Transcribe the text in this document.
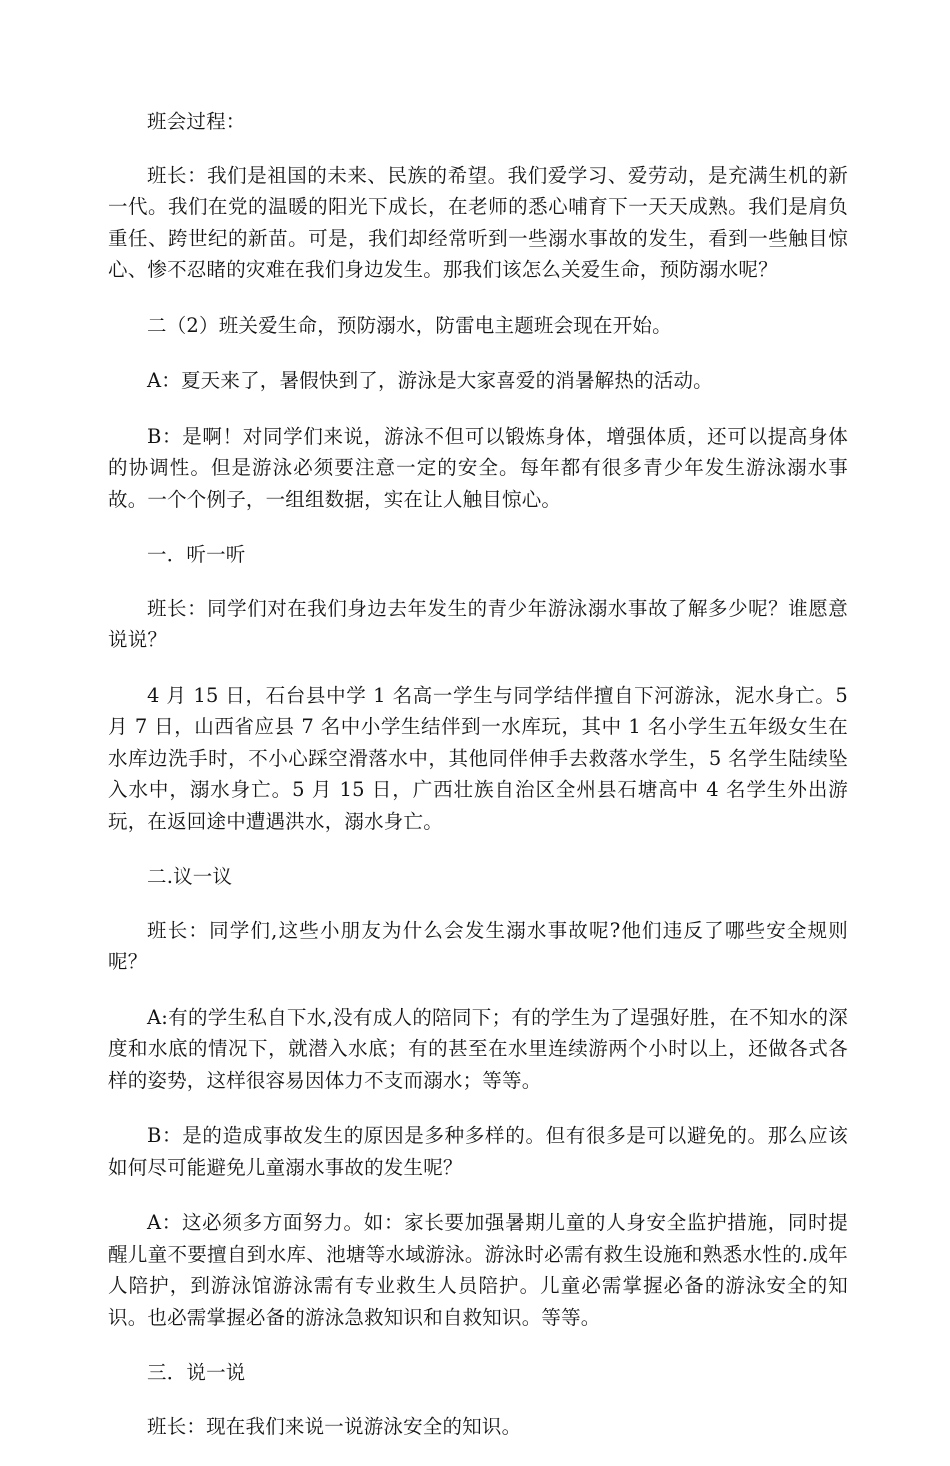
班会过程：

班长：我们是祖国的未来、民族的希望。我们爱学习、爱劳动，是充满生机的新一代。我们在党的温暖的阳光下成长，在老师的悉心哺育下一天天成熟。我们是肩负重任、跨世纪的新苗。可是，我们却经常听到一些溺水事故的发生，看到一些触目惊心、惨不忍睹的灾难在我们身边发生。那我们该怎么关爱生命，预防溺水呢？

二（2）班关爱生命，预防溺水，防雷电主题班会现在开始。

A：夏天来了，暑假快到了，游泳是大家喜爱的消暑解热的活动。

B：是啊！对同学们来说，游泳不但可以锻炼身体，增强体质，还可以提高身体的协调性。但是游泳必须要注意一定的安全。每年都有很多青少年发生游泳溺水事故。一个个例子，一组组数据，实在让人触目惊心。

一．听一听

班长：同学们对在我们身边去年发生的青少年游泳溺水事故了解多少呢？谁愿意说说？

4 月 15 日，石台县中学 1 名高一学生与同学结伴擅自下河游泳，泥水身亡。5 月 7 日，山西省应县 7 名中小学生结伴到一水库玩，其中 1 名小学生五年级女生在水库边洗手时，不小心踩空滑落水中，其他同伴伸手去救落水学生，5 名学生陆续坠入水中，溺水身亡。5 月 15 日，广西壮族自治区全州县石塘高中 4 名学生外出游玩，在返回途中遭遇洪水，溺水身亡。

二.议一议

班长：同学们,这些小朋友为什么会发生溺水事故呢?他们违反了哪些安全规则呢？

A:有的学生私自下水,没有成人的陪同下；有的学生为了逞强好胜，在不知水的深度和水底的情况下，就潜入水底；有的甚至在水里连续游两个小时以上，还做各式各样的姿势，这样很容易因体力不支而溺水；等等。

B：是的造成事故发生的原因是多种多样的。但有很多是可以避免的。那么应该如何尽可能避免儿童溺水事故的发生呢？

A：这必须多方面努力。如：家长要加强暑期儿童的人身安全监护措施，同时提醒儿童不要擅自到水库、池塘等水域游泳。游泳时必需有救生设施和熟悉水性的.成年人陪护，到游泳馆游泳需有专业救生人员陪护。儿童必需掌握必备的游泳安全的知识。也必需掌握必备的游泳急救知识和自救知识。等等。

三．说一说

班长：现在我们来说一说游泳安全的知识。
